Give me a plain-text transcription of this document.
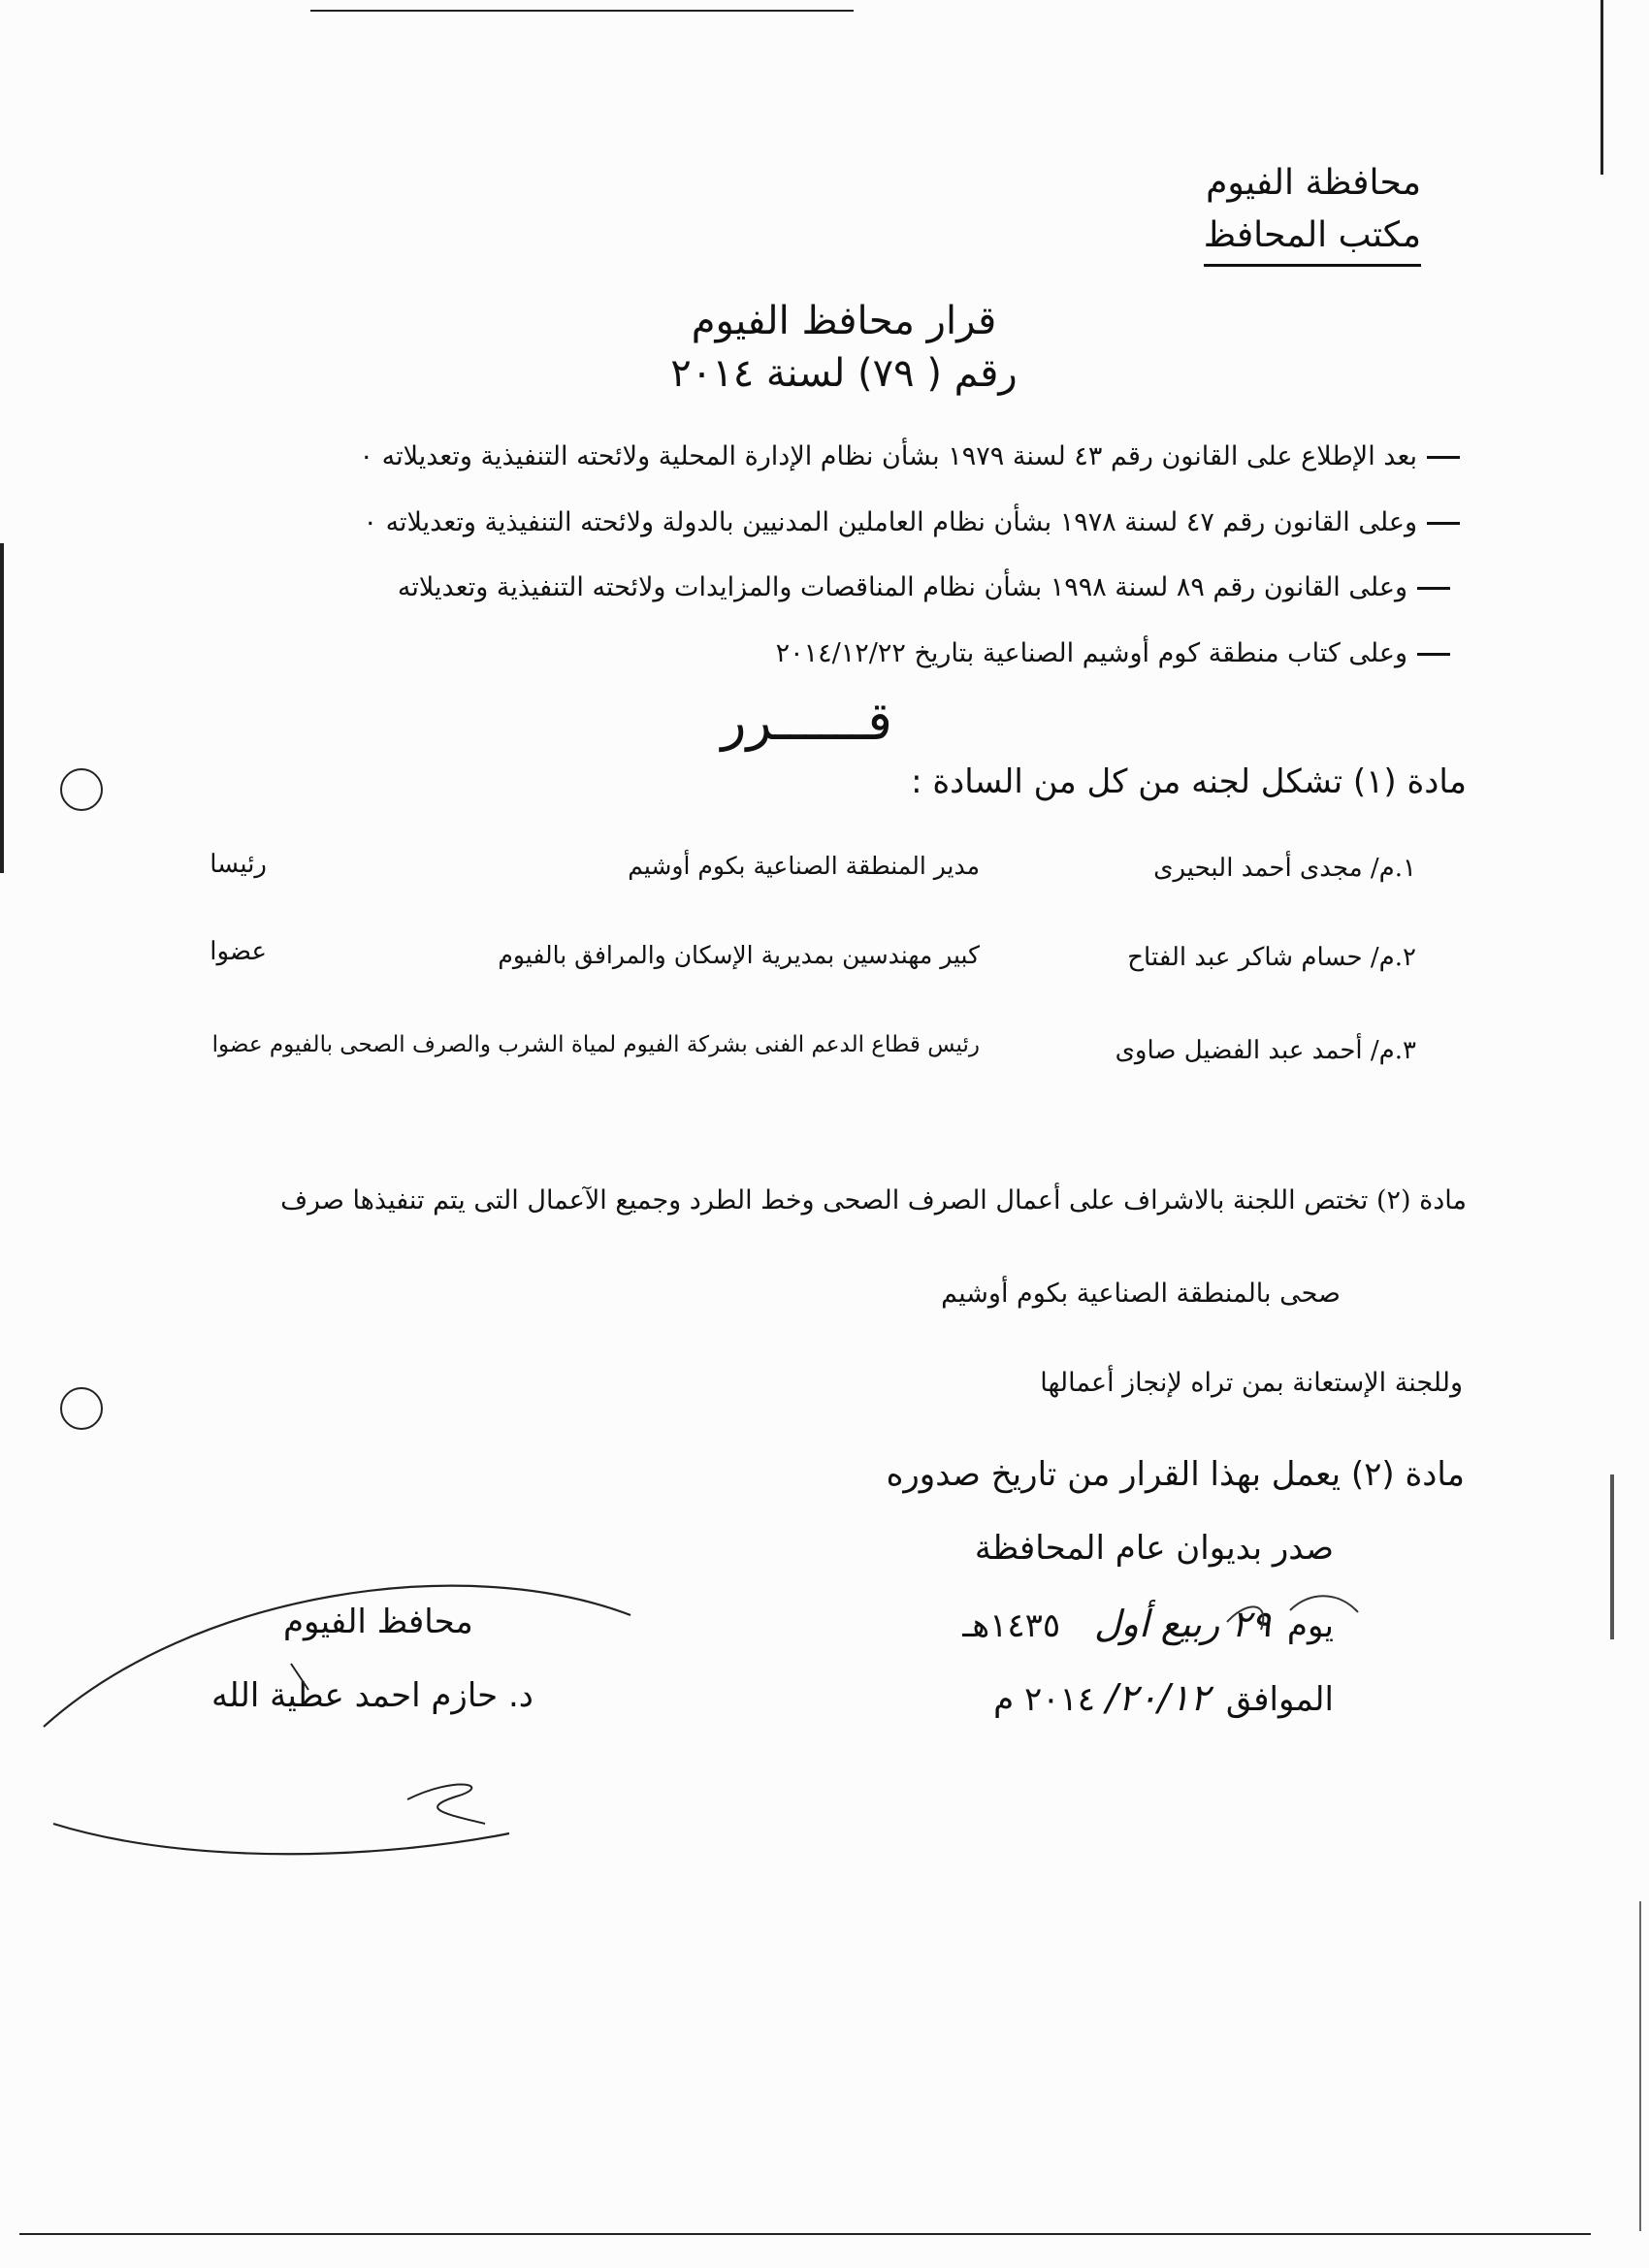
محافظة الفيوم
مكتب المحافظ
قرار محافظ الفيوم
رقم ( ٧٩) لسنة ٢٠١٤
بعد الإطلاع على القانون رقم ٤٣ لسنة ١٩٧٩ بشأن نظام الإدارة المحلية ولائحته التنفيذية وتعديلاته ٠
وعلى القانون رقم ٤٧ لسنة ١٩٧٨ بشأن نظام العاملين المدنيين بالدولة ولائحته التنفيذية وتعديلاته ٠
وعلى القانون رقم ٨٩ لسنة ١٩٩٨ بشأن نظام المناقصات والمزايدات ولائحته التنفيذية وتعديلاته
وعلى كتاب منطقة كوم أوشيم الصناعية بتاريخ ٢٠١٤/١٢/٢٢
قــــــرر
مادة (١) تشكل لجنه من كل من السادة :
١.م/ مجدى أحمد البحيرى
مدير المنطقة الصناعية بكوم أوشيم
رئيسا
٢.م/ حسام شاكر عبد الفتاح
كبير مهندسين بمديرية الإسكان والمرافق بالفيوم
عضوا
٣.م/ أحمد عبد الفضيل صاوى
رئيس قطاع الدعم الفنى بشركة الفيوم لمياة الشرب والصرف الصحى بالفيوم عضوا
مادة (٢) تختص اللجنة بالاشراف على أعمال الصرف الصحى وخط الطرد وجميع الآعمال التى يتم تنفيذها صرف
صحى بالمنطقة الصناعية بكوم أوشيم
وللجنة الإستعانة بمن تراه لإنجاز أعمالها
مادة (٢) يعمل بهذا القرار من تاريخ صدوره
صدر بديوان عام المحافظة
يوم ٢٩ ربيع أول ١٤٣٥هـ
الموافق ٢٠/١٢/ ٢٠١٤ م
محافظ الفيوم
د. حازم احمد عطية الله
